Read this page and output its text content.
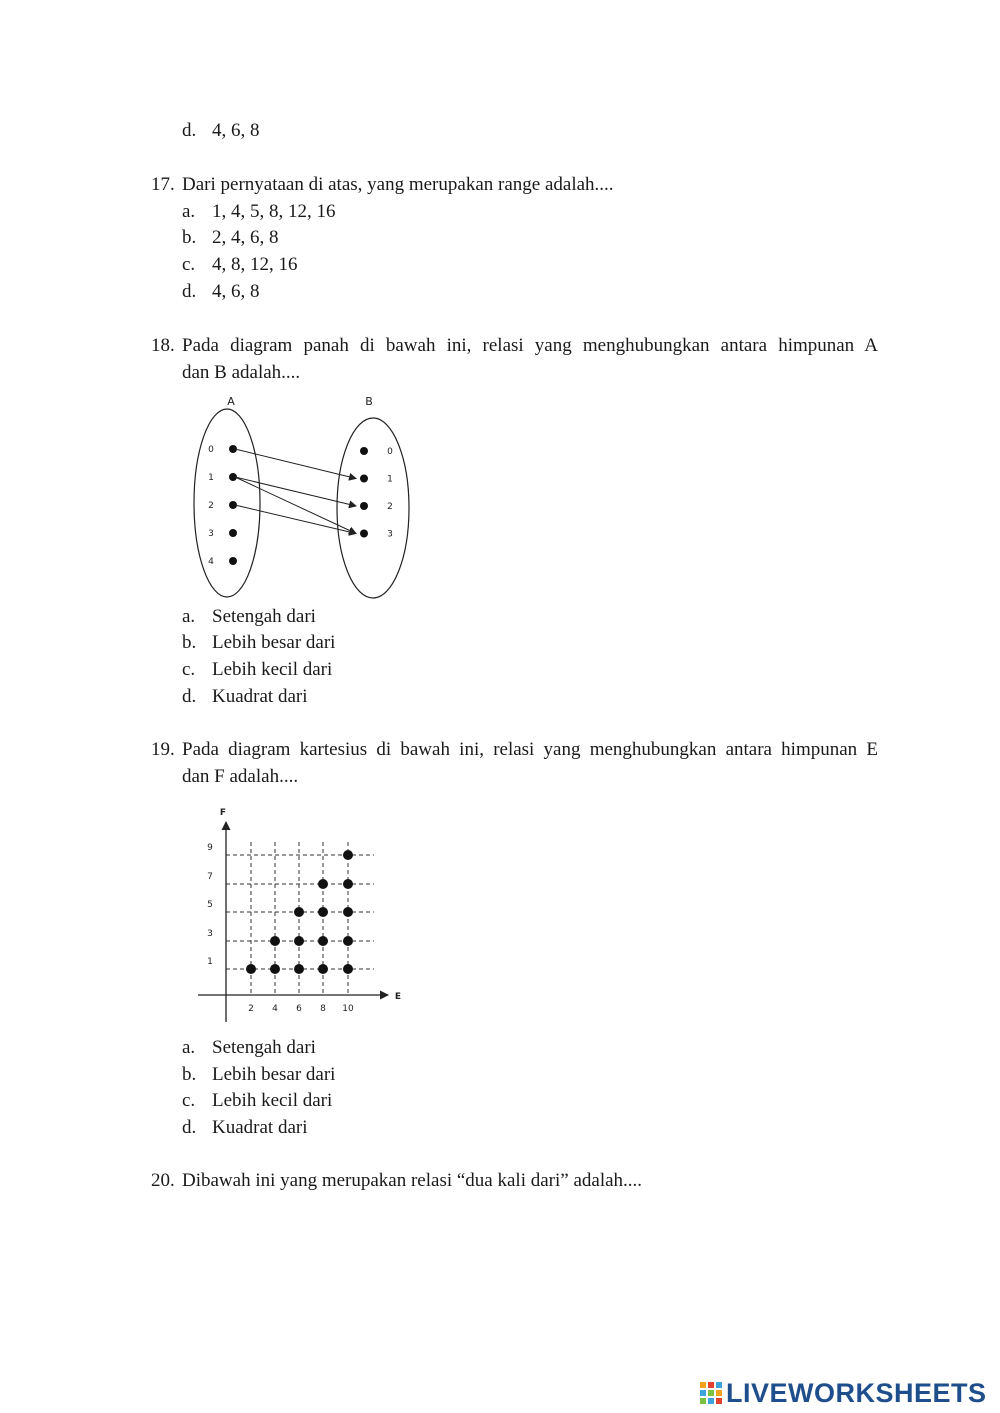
d. 4, 6, 8
17. Dari pernyataan di atas, yang merupakan range adalah....
a. 1, 4, 5, 8, 12, 16
b. 2, 4, 6, 8
c. 4, 8, 12, 16
d. 4, 6, 8
18. Pada diagram panah di bawah ini, relasi yang menghubungkan antara himpunan A
dan B adalah....
A	B
0
1
2
3
4
0
1
2
3
a. Setengah dari
b. Lebih besar dari
c. Lebih kecil dari
d. Kuadrat dari
19. Pada diagram kartesius di bawah ini, relasi yang menghubungkan antara himpunan E
dan F adalah....
F
E
2 4 6 8 10
1
3
5
7
9
a. Setengah dari
b. Lebih besar dari
c. Lebih kecil dari
d. Kuadrat dari
20. Dibawah ini yang merupakan relasi “dua kali dari” adalah....
LIVEWORKSHEETS
